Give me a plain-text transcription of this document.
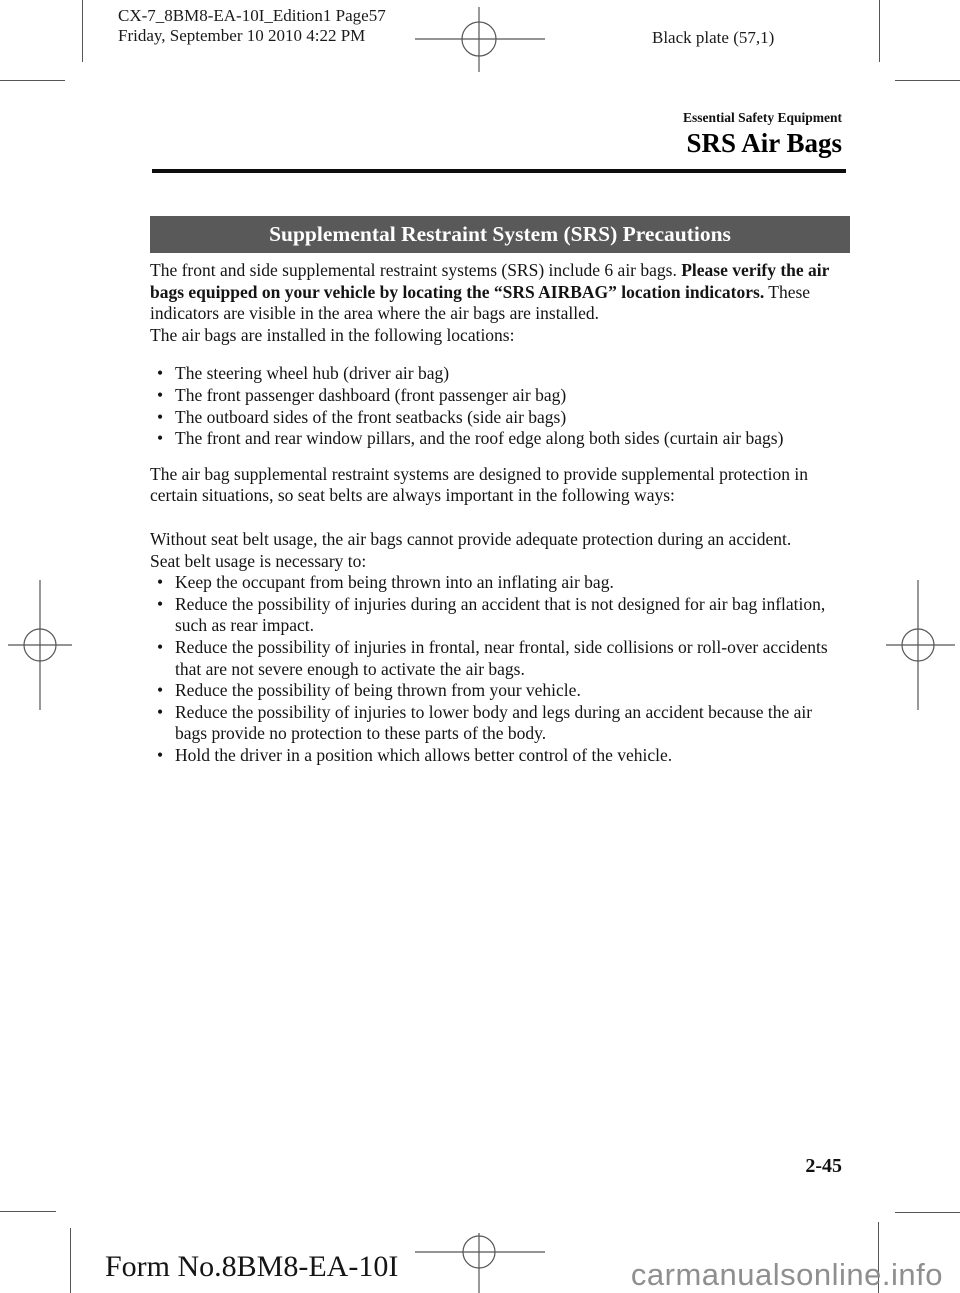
CX-7_8BM8-EA-10I_Edition1 Page57
Friday, September 10 2010 4:22 PM	Black plate (57,1)
Essential Safety Equipment
SRS Air Bags
Supplemental Restraint System (SRS) Precautions

The front and side supplemental restraint systems (SRS) include 6 air bags. Please verify the air bags equipped on your vehicle by locating the “SRS AIRBAG” location indicators. These indicators are visible in the area where the air bags are installed.

The air bags are installed in the following locations:

• The steering wheel hub (driver air bag)
• The front passenger dashboard (front passenger air bag)
• The outboard sides of the front seatbacks (side air bags)
• The front and rear window pillars, and the roof edge along both sides (curtain air bags)

The air bag supplemental restraint systems are designed to provide supplemental protection in certain situations, so seat belts are always important in the following ways:

Without seat belt usage, the air bags cannot provide adequate protection during an accident.

Seat belt usage is necessary to:

• Keep the occupant from being thrown into an inflating air bag.
• Reduce the possibility of injuries during an accident that is not designed for air bag inflation, such as rear impact.
• Reduce the possibility of injuries in frontal, near frontal, side collisions or roll-over accidents that are not severe enough to activate the air bags.
• Reduce the possibility of being thrown from your vehicle.
• Reduce the possibility of injuries to lower body and legs during an accident because the air bags provide no protection to these parts of the body.
• Hold the driver in a position which allows better control of the vehicle.
2-45
Form No.8BM8-EA-10I	carmanualsonline.info
